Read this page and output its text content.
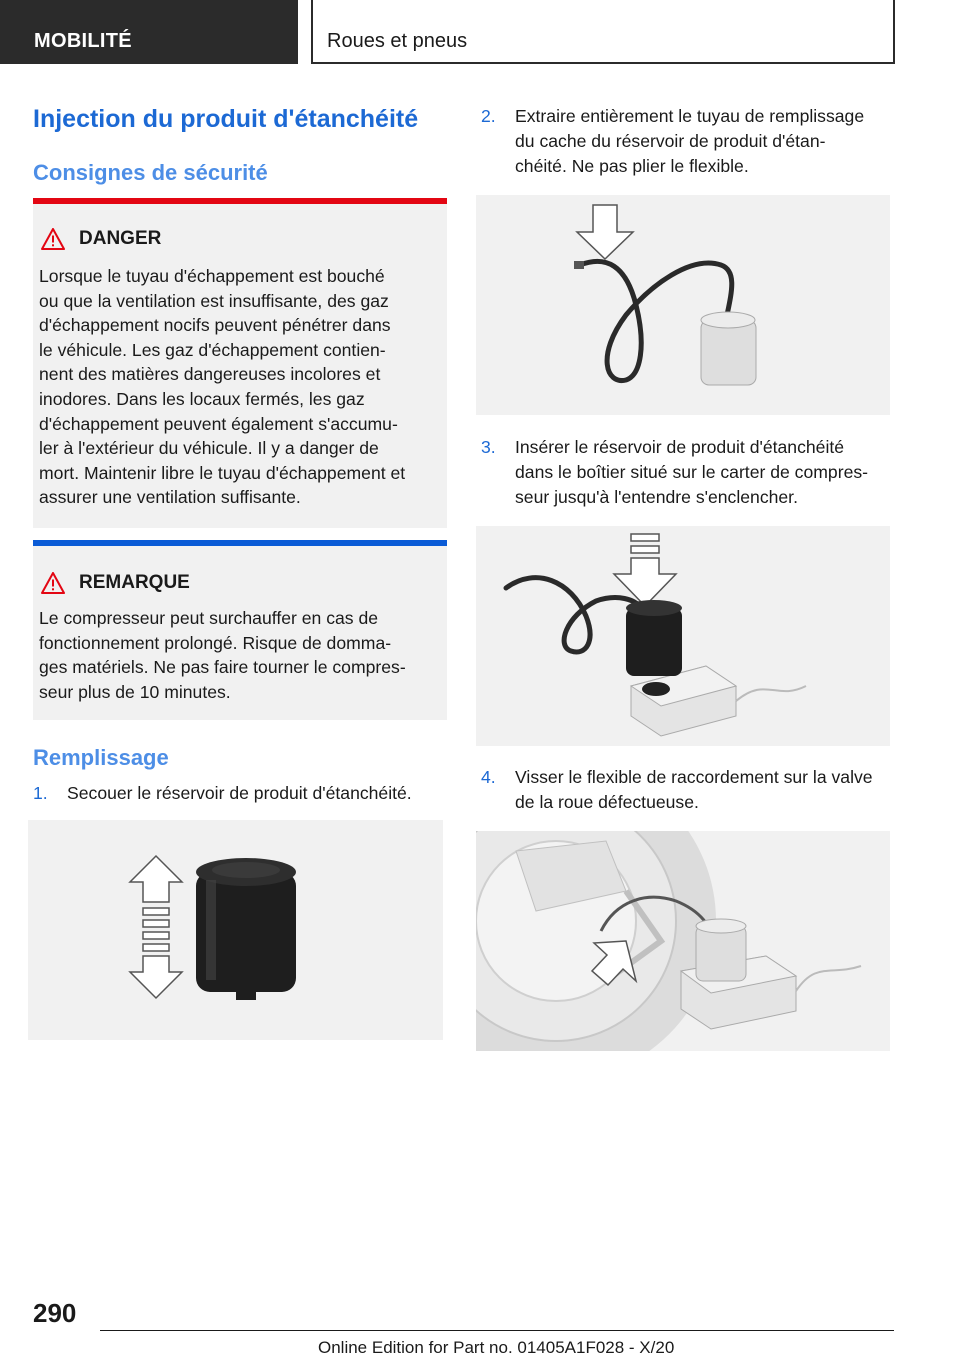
MOBILITÉ	Roues et pneus
Injection du produit d'étanchéité
Consignes de sécurité
DANGER
Lorsque le tuyau d'échappement est bouché
ou que la ventilation est insuffisante, des gaz
d'échappement nocifs peuvent pénétrer dans
le véhicule. Les gaz d'échappement contien‐
nent des matières dangereuses incolores et
inodores. Dans les locaux fermés, les gaz
d'échappement peuvent également s'accumu‐
ler à l'extérieur du véhicule. Il y a danger de
mort. Maintenir libre le tuyau d'échappement et
assurer une ventilation suffisante.
REMARQUE
Le compresseur peut surchauffer en cas de
fonctionnement prolongé. Risque de domma‐
ges matériels. Ne pas faire tourner le compres‐
seur plus de 10 minutes.
Remplissage
1. Secouer le réservoir de produit d'étanchéité.
2. Extraire entièrement le tuyau de remplissage
du cache du réservoir de produit d'étan‐
chéité. Ne pas plier le flexible.
3. Insérer le réservoir de produit d'étanchéité
dans le boîtier situé sur le carter de compres‐
seur jusqu'à l'entendre s'enclencher.
4. Visser le flexible de raccordement sur la valve
de la roue défectueuse.
290
Online Edition for Part no. 01405A1F028 - X/20
